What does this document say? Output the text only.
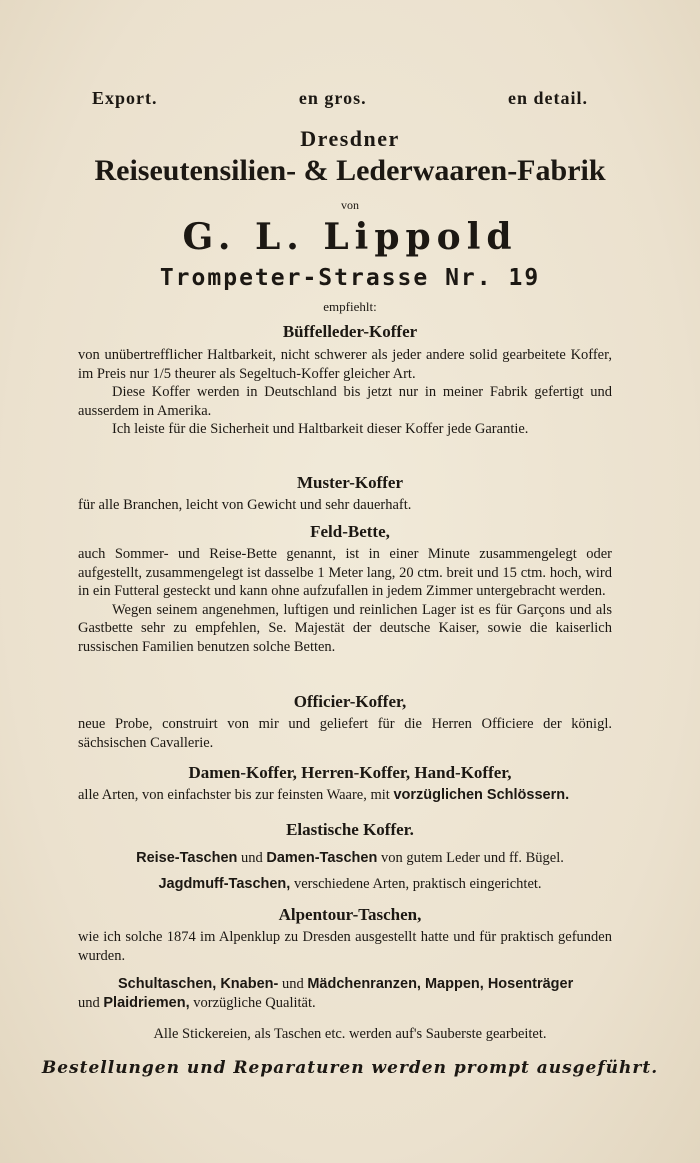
Export.	en gros.	en detail.
Dresdner
Reiseutensilien- & Lederwaaren-Fabrik
von
G. L. Lippold
Trompeter-Strasse Nr. 19
empfiehlt:
Büffelleder-Koffer

von unübertrefflicher Haltbarkeit, nicht schwerer als jeder andere solid gearbeitete Koffer, im Preis nur 1/5 theurer als Segeltuch-Koffer gleicher Art.

Diese Koffer werden in Deutschland bis jetzt nur in meiner Fabrik gefertigt und ausserdem in Amerika.

Ich leiste für die Sicherheit und Haltbarkeit dieser Koffer jede Garantie.

Muster-Koffer

für alle Branchen, leicht von Gewicht und sehr dauerhaft.

Feld-Bette,

auch Sommer- und Reise-Bette genannt, ist in einer Minute zusammengelegt oder aufgestellt, zusammengelegt ist dasselbe 1 Meter lang, 20 ctm. breit und 15 ctm. hoch, wird in ein Futteral gesteckt und kann ohne aufzufallen in jedem Zimmer untergebracht werden.

Wegen seinem angenehmen, luftigen und reinlichen Lager ist es für Garçons und als Gastbette sehr zu empfehlen, Se. Majestät der deutsche Kaiser, sowie die kaiserlich russischen Familien benutzen solche Betten.

Officier-Koffer,

neue Probe, construirt von mir und geliefert für die Herren Officiere der königl. sächsischen Cavallerie.

Damen-Koffer, Herren-Koffer, Hand-Koffer,

alle Arten, von einfachster bis zur feinsten Waare, mit vorzüglichen Schlössern.

Elastische Koffer.
Reise-Taschen und Damen-Taschen von gutem Leder und ff. Bügel.
Jagdmuff-Taschen, verschiedene Arten, praktisch eingerichtet.
Alpentour-Taschen,

wie ich solche 1874 im Alpenklup zu Dresden ausgestellt hatte und für praktisch gefunden wurden.

Schultaschen, Knaben- und Mädchenranzen, Mappen, Hosenträger

und Plaidriemen, vorzügliche Qualität.

Alle Stickereien, als Taschen etc. werden auf's Sauberste gearbeitet.
Bestellungen und Reparaturen werden prompt ausgeführt.
